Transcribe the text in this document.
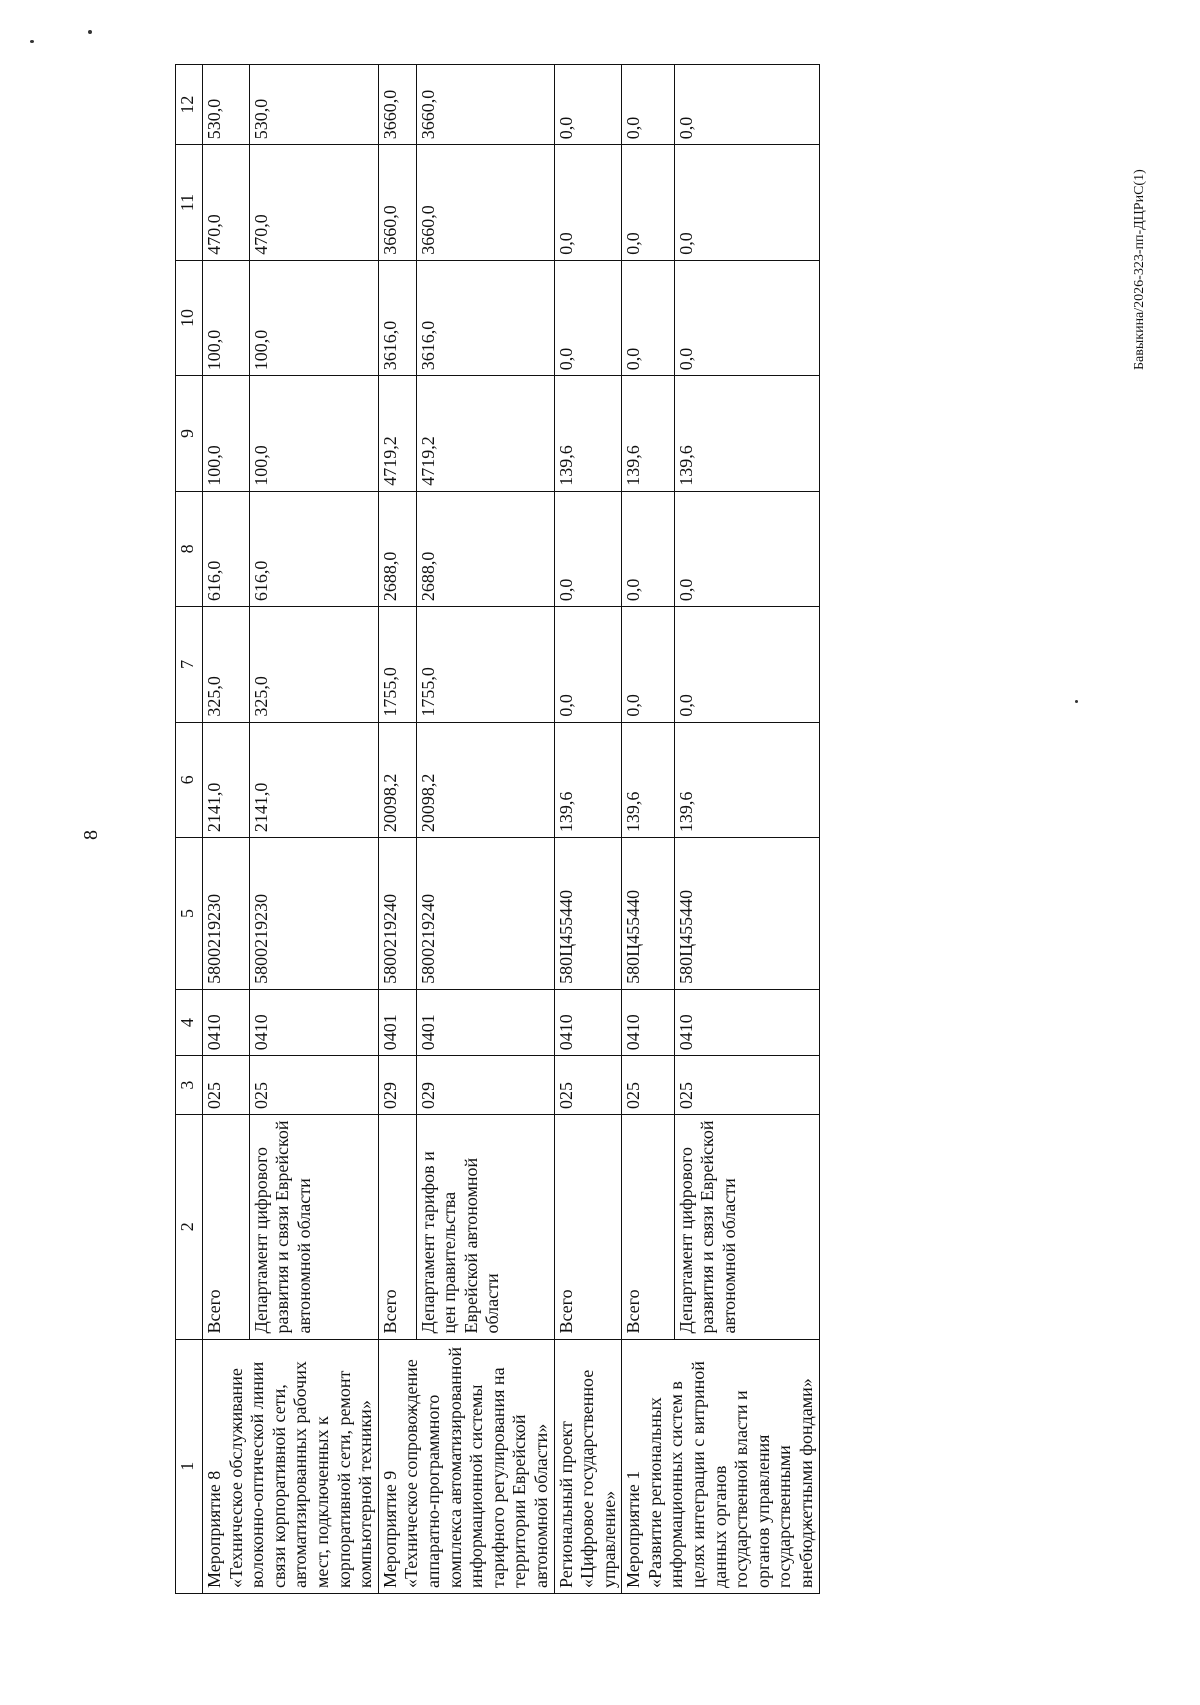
8
Бавыкина/2026-323-пп-ДЦРиС(1)
1	2	3	4	5	6	7	8	9	10	11	12
Мероприятие 8
«Техническое обслуживание волоконно-оптической линии связи корпоративной сети, автоматизированных рабочих мест, подключенных к корпоративной сети, ремонт компьютерной техники»	Всего	025	0410	5800219230	2141,0	325,0	616,0	100,0	100,0	470,0	530,0
	Департамент цифрового развития и связи Еврейской автономной области	025	0410	5800219230	2141,0	325,0	616,0	100,0	100,0	470,0	530,0
Мероприятие 9
«Техническое сопровождение аппаратно-программного комплекса автоматизированной информационной системы тарифного регулирования на территории Еврейской автономной области»	Всего	029	0401	5800219240	20098,2	1755,0	2688,0	4719,2	3616,0	3660,0	3660,0
	Департамент тарифов и цен правительства Еврейской автономной области	029	0401	5800219240	20098,2	1755,0	2688,0	4719,2	3616,0	3660,0	3660,0
Региональный проект «Цифровое государственное управление»	Всего	025	0410	580Ц455440	139,6	0,0	0,0	139,6	0,0	0,0	0,0
Мероприятие 1
«Развитие региональных информационных систем в целях интеграции с витриной данных органов государственной власти и органов управления государственными внебюджетными фондами»	Всего	025	0410	580Ц455440	139,6	0,0	0,0	139,6	0,0	0,0	0,0
	Департамент цифрового развития и связи Еврейской автономной области	025	0410	580Ц455440	139,6	0,0	0,0	139,6	0,0	0,0	0,0
